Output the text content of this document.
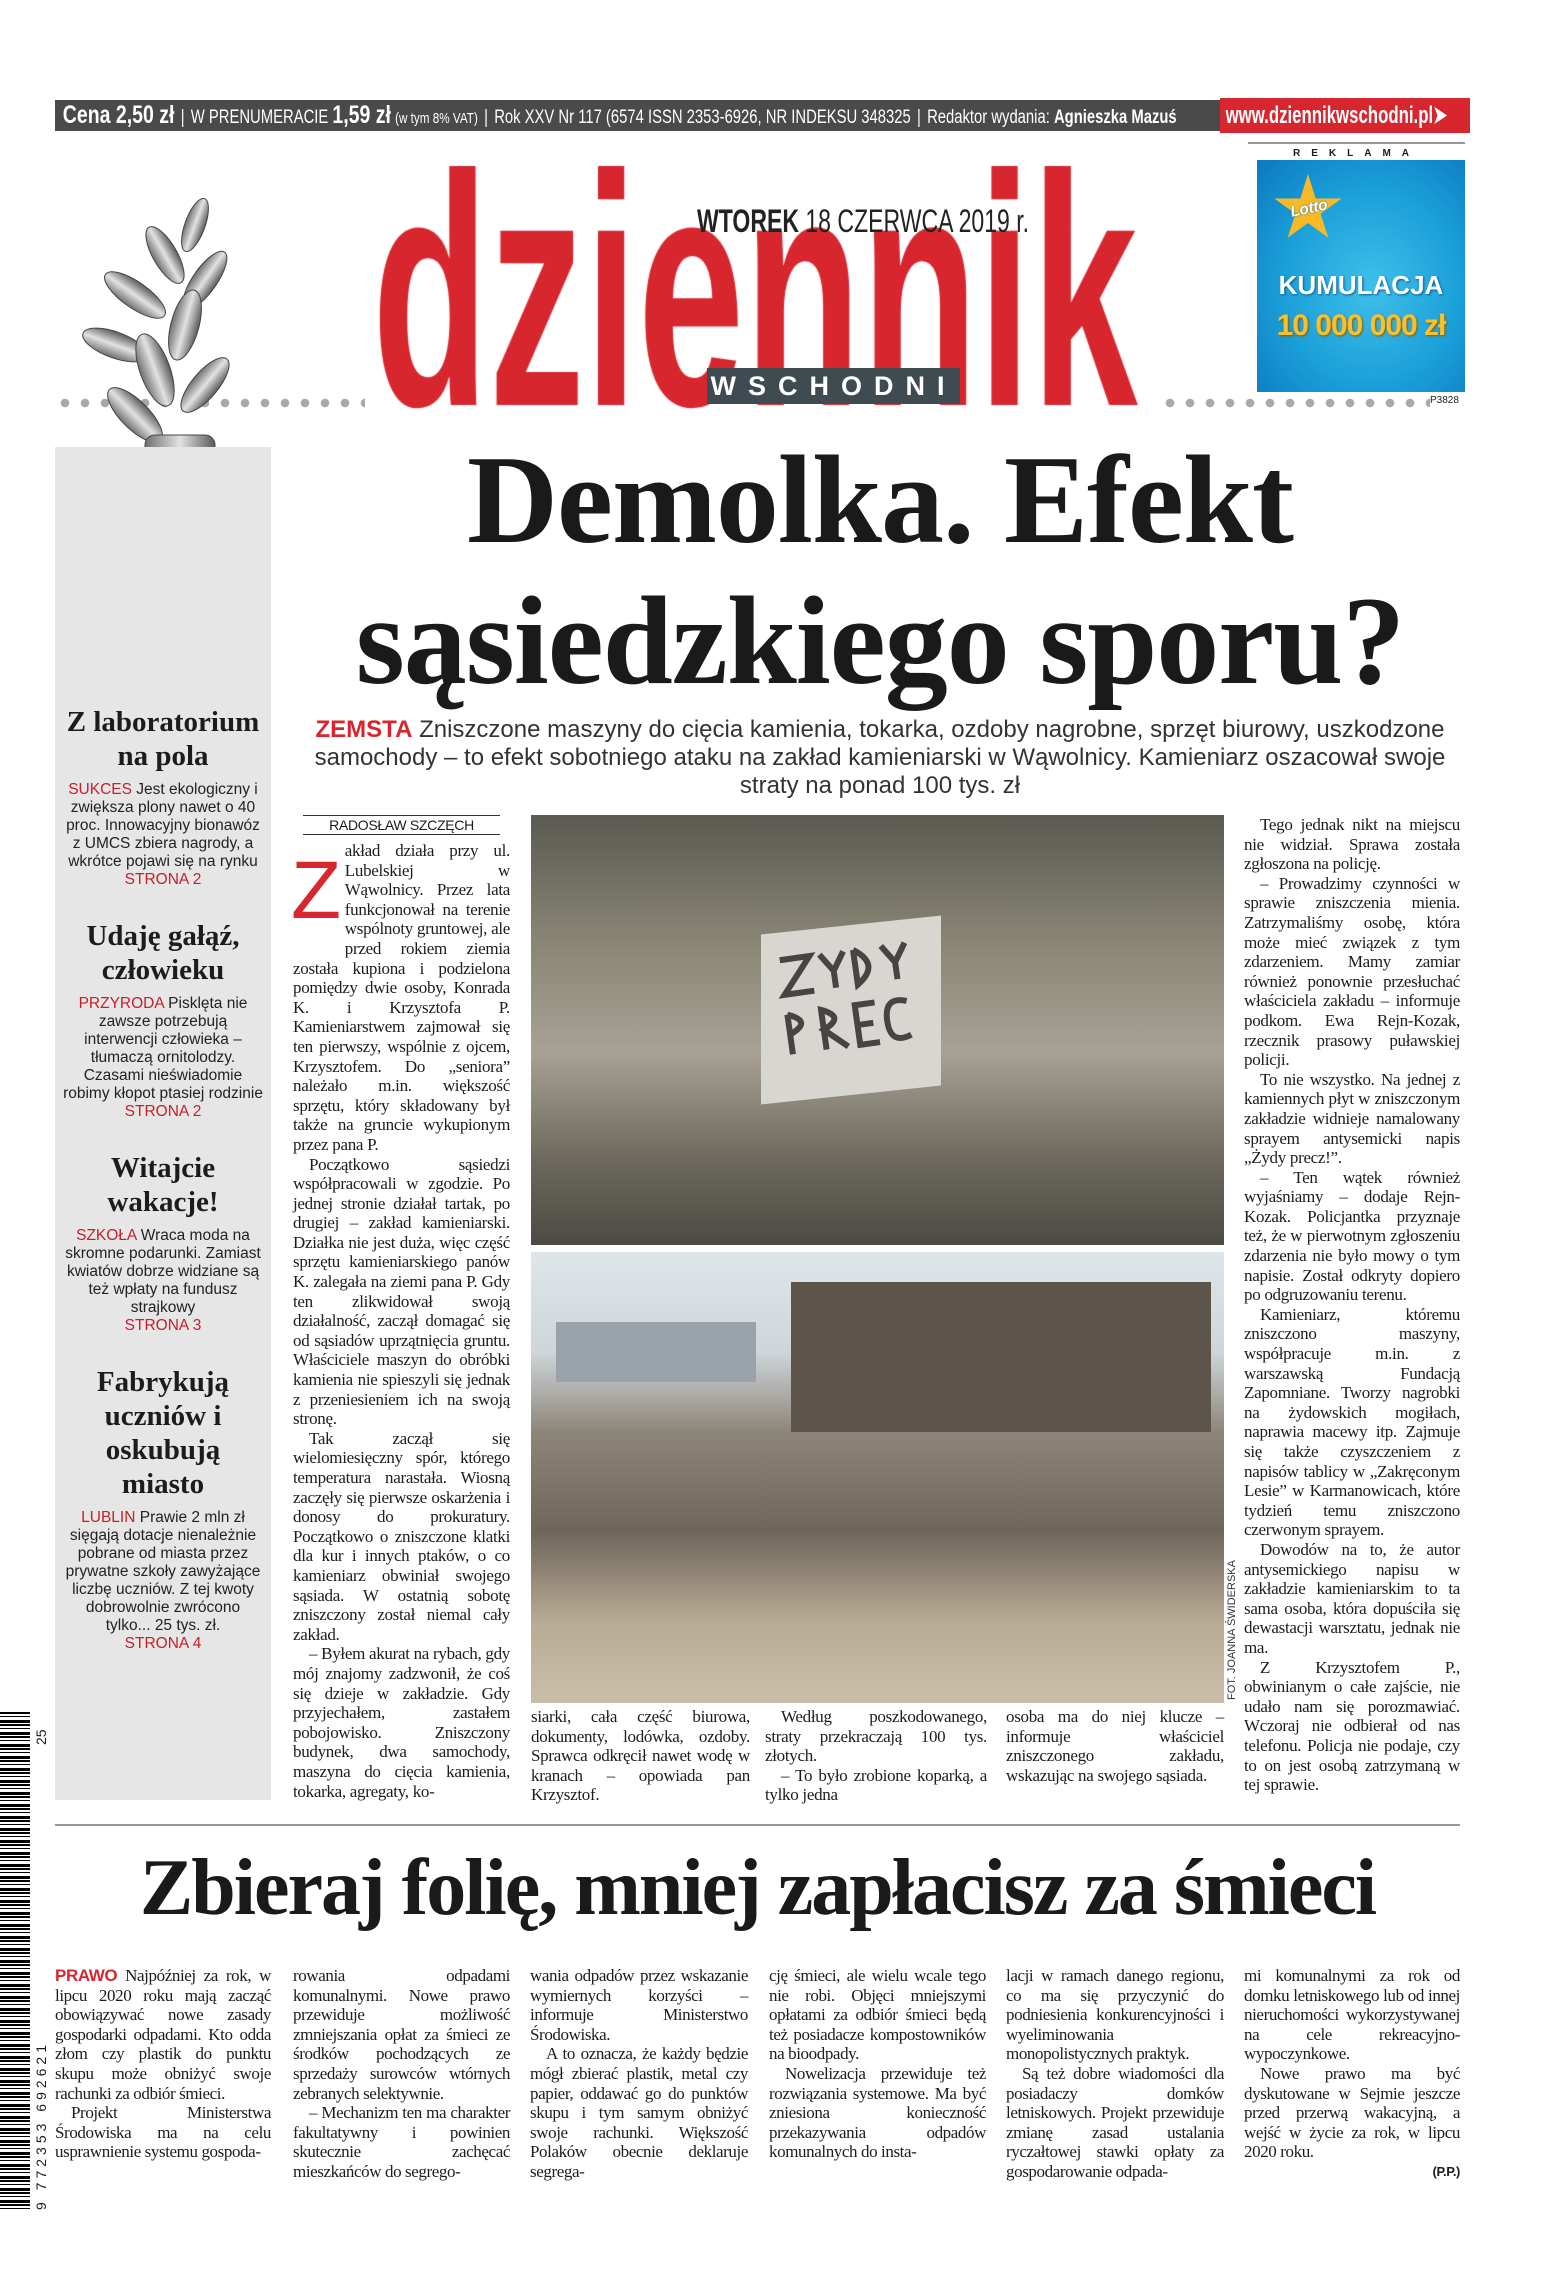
Cena 2,50 zł | W PRENUMERACIE 1,59 zł (w tym 8% VAT) | Rok XXV Nr 117 (6574 ISSN 2353-6926, NR INDEKSU 348325 | Redaktor wydania: Agnieszka Mazuś	www.dziennikwschodni.pl➤
REKLAMA
Lotto
KUMULACJA
10 000 000 zł
P3828
WSCHODNI
WTOREK 18 CZERWCA 2019 r.
Z laboratorium na pola

SUKCES Jest ekologiczny i zwiększa plony nawet o 40 proc. Innowacyjny bionawóz z UMCS zbiera nagrody, a wkrótce pojawi się na rynku
STRONA 2

Udaję gałąź, człowieku

PRZYRODA Pisklęta nie zawsze potrzebują interwencji człowieka – tłumaczą ornitolodzy. Czasami nieświadomie robimy kłopot ptasiej rodzinie
STRONA 2

Witajcie wakacje!

SZKOŁA Wraca moda na skromne podarunki. Zamiast kwiatów dobrze widziane są też wpłaty na fundusz strajkowy
STRONA 3

Fabrykują uczniów i oskubują miasto

LUBLIN Prawie 2 mln zł sięgają dotacje nienależnie pobrane od miasta przez prywatne szkoły zawyżające liczbę uczniów. Z tej kwoty dobrowolnie zwrócono tylko... 25 tys. zł.
STRONA 4

Demolka. Efekt
sąsiedzkiego sporu?

ZEMSTA Zniszczone maszyny do cięcia kamienia, tokarka, ozdoby nagrobne, sprzęt biurowy, uszkodzone samochody – to efekt sobotniego ataku na zakład kamieniarski w Wąwolnicy. Kamieniarz oszacował swoje straty na ponad 100 tys. zł

RADOSŁAW SZCZĘCH
Z akład działa przy ul. Lubelskiej w Wąwolnicy. Przez lata funkcjonował na terenie wspólnoty gruntowej, ale przed rokiem ziemia została kupiona i podzielona pomiędzy dwie osoby, Konrada K. i Krzysztofa P. Kamieniarstwem zajmował się ten pierwszy, wspólnie z ojcem, Krzysztofem. Do „seniora” należało m.in. większość sprzętu, który składowany był także na gruncie wykupionym przez pana P.

Początkowo sąsiedzi współpracowali w zgodzie. Po jednej stronie działał tartak, po drugiej – zakład kamieniarski. Działka nie jest duża, więc część sprzętu kamieniarskiego panów K. zalegała na ziemi pana P. Gdy ten zlikwidował swoją działalność, zaczął domagać się od sąsiadów uprzątnięcia gruntu. Właściciele maszyn do obróbki kamienia nie spieszyli się jednak z przeniesieniem ich na swoją stronę.

Tak zaczął się wielomiesięczny spór, którego temperatura narastała. Wiosną zaczęły się pierwsze oskarżenia i donosy do prokuratury. Początkowo o zniszczone klatki dla kur i innych ptaków, o co kamieniarz obwiniał swojego sąsiada. W ostatnią sobotę zniszczony został niemal cały zakład.

– Byłem akurat na rybach, gdy mój znajomy zadzwonił, że coś się dzieje w zakładzie. Gdy przyjechałem, zastałem pobojowisko. Zniszczony budynek, dwa samochody, maszyna do cięcia kamienia, tokarka, agregaty, ko-

FOT. JOANNA ŚWIDERSKA

siarki, cała część biurowa, dokumenty, lodówka, ozdoby. Sprawca odkręcił nawet wodę w kranach – opowiada pan Krzysztof.

Według poszkodowanego, straty przekraczają 100 tys. złotych.

– To było zrobione koparką, a tylko jedna

osoba ma do niej klucze – informuje właściciel zniszczonego zakładu, wskazując na swojego sąsiada.

Tego jednak nikt na miejscu nie widział. Sprawa została zgłoszona na policję.

– Prowadzimy czynności w sprawie zniszczenia mienia. Zatrzymaliśmy osobę, która może mieć związek z tym zdarzeniem. Mamy zamiar również ponownie przesłuchać właściciela zakładu – informuje podkom. Ewa Rejn-Kozak, rzecznik prasowy puławskiej policji.

To nie wszystko. Na jednej z kamiennych płyt w zniszczonym zakładzie widnieje namalowany sprayem antysemicki napis „Żydy precz!”.

– Ten wątek również wyjaśniamy – dodaje Rejn-Kozak. Policjantka przyznaje też, że w pierwotnym zgłoszeniu zdarzenia nie było mowy o tym napisie. Został odkryty dopiero po odgruzowaniu terenu.

Kamieniarz, któremu zniszczono maszyny, współpracuje m.in. z warszawską Fundacją Zapomniane. Tworzy nagrobki na żydowskich mogiłach, naprawia macewy itp. Zajmuje się także czyszczeniem z napisów tablicy w „Zakręconym Lesie” w Karmanowicach, które tydzień temu zniszczono czerwonym sprayem.

Dowodów na to, że autor antysemickiego napisu w zakładzie kamieniarskim to ta sama osoba, która dopuściła się dewastacji warsztatu, jednak nie ma.

Z Krzysztofem P., obwinianym o całe zajście, nie udało nam się porozmawiać. Wczoraj nie odbierał od nas telefonu. Policja nie podaje, czy to on jest osobą zatrzymaną w tej sprawie.

Zbieraj folię, mniej zapłacisz za śmieci

PRAWO Najpóźniej za rok, w lipcu 2020 roku mają zacząć obowiązywać nowe zasady gospodarki odpadami. Kto odda złom czy plastik do punktu skupu może obniżyć swoje rachunki za odbiór śmieci.

Projekt Ministerstwa Środowiska ma na celu usprawnienie systemu gospoda-

rowania odpadami komunalnymi. Nowe prawo przewiduje możliwość zmniejszania opłat za śmieci ze środków pochodzących ze sprzedaży surowców wtórnych zebranych selektywnie.

– Mechanizm ten ma charakter fakultatywny i powinien skutecznie zachęcać mieszkańców do segrego-

wania odpadów przez wskazanie wymiernych korzyści – informuje Ministerstwo Środowiska.

A to oznacza, że każdy będzie mógł zbierać plastik, metal czy papier, oddawać go do punktów skupu i tym samym obniżyć swoje rachunki. Większość Polaków obecnie deklaruje segrega-

cję śmieci, ale wielu wcale tego nie robi. Objęci mniejszymi opłatami za odbiór śmieci będą też posiadacze kompostowników na bioodpady.

Nowelizacja przewiduje też rozwiązania systemowe. Ma być zniesiona konieczność przekazywania odpadów komunalnych do insta-

lacji w ramach danego regionu, co ma się przyczynić do podniesienia konkurencyjności i wyeliminowania monopolistycznych praktyk.

Są też dobre wiadomości dla posiadaczy domków letniskowych. Projekt przewiduje zmianę zasad ustalania ryczałtowej stawki opłaty za gospodarowanie odpada-

mi komunalnymi za rok od domku letniskowego lub od innej nieruchomości wykorzystywanej na cele rekreacyjno-wypoczynkowe.

Nowe prawo ma być dyskutowane w Sejmie jeszcze przed przerwą wakacyjną, a wejść w życie za rok, w lipcu 2020 roku.

(P.P.)

25
9 772353 692621
